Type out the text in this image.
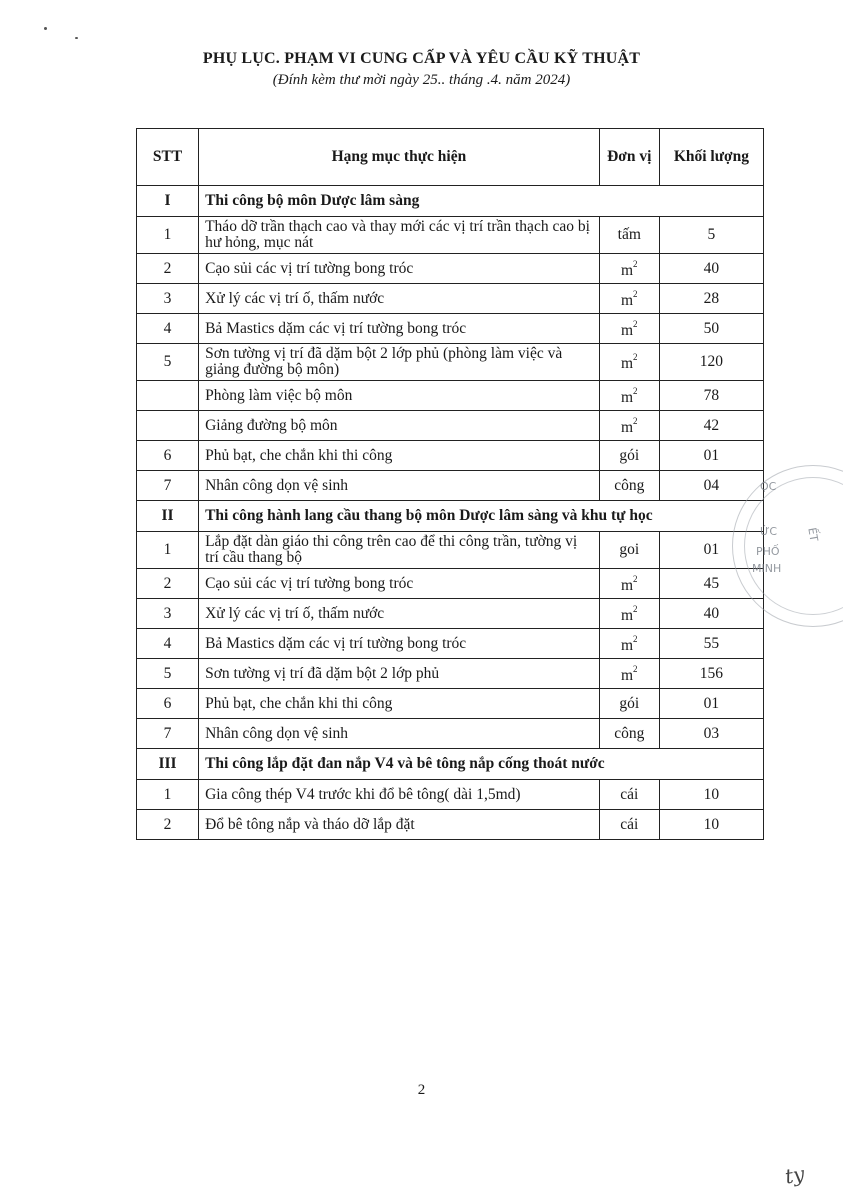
PHỤ LỤC. PHẠM VI CUNG CẤP VÀ YÊU CẦU KỸ THUẬT
(Đính kèm thư mời ngày 25.. tháng .4. năm 2024)
STT	Hạng mục thực hiện	Đơn vị	Khối lượng
I	Thi công bộ môn Dược lâm sàng		
1	Tháo dỡ trần thạch cao và thay mới các vị trí trần thạch cao bị hư hỏng, mục nát	tấm	5
2	Cạo sủi các vị trí tường bong tróc	$m^2$	40
3	Xử lý các vị trí ố, thấm nước	$m^2$	28
4	Bả Mastics dặm các vị trí tường bong tróc	$m^2$	50
5	Sơn tường vị trí đã dặm bột 2 lớp phủ (phòng làm việc và giảng đường bộ môn)	$m^2$	120
	Phòng làm việc bộ môn	$m^2$	78
	Giảng đường bộ môn	$m^2$	42
6	Phủ bạt, che chắn khi thi công	gói	01
7	Nhân công dọn vệ sinh	công	04
II	Thi công hành lang cầu thang bộ môn Dược lâm sàng và khu tự học		
1	Lắp đặt dàn giáo thi công trên cao để thi công trần, tường vị trí cầu thang bộ	goi	01
2	Cạo sủi các vị trí tường bong tróc	$m^2$	45
3	Xử lý các vị trí ố, thấm nước	$m^2$	40
4	Bả Mastics dặm các vị trí tường bong tróc	$m^2$	55
5	Sơn tường vị trí đã dặm bột 2 lớp phủ	$m^2$	156
6	Phủ bạt, che chắn khi thi công	gói	01
7	Nhân công dọn vệ sinh	công	03
III	Thi công lắp đặt đan nắp V4 và bê tông nắp cống thoát nước		
1	Gia công thép V4 trước khi đổ bê tông( dài 1,5md)	cái	10
2	Đổ bê tông nắp và tháo dỡ lắp đặt	cái	10
ỌC
ỨC
PHỐ
MINH
ẾT
2
ty
